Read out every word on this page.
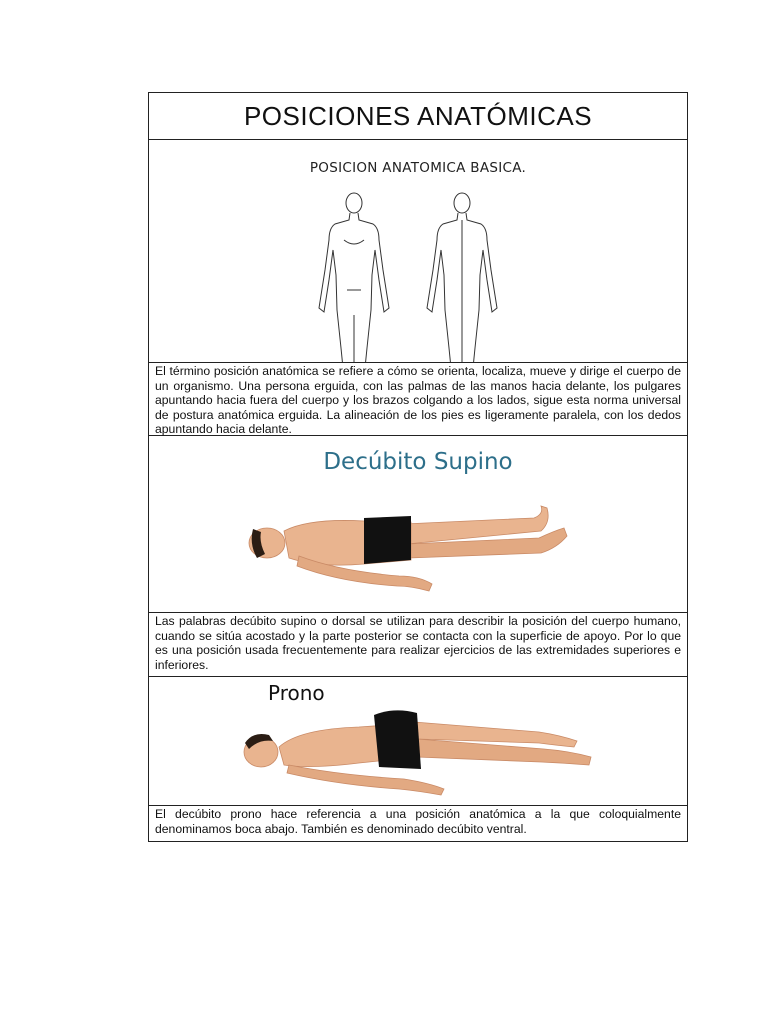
POSICIONES ANATÓMICAS
POSICION ANATOMICA BASICA.
El término posición anatómica se refiere a cómo se orienta, localiza, mueve y dirige el cuerpo de un organismo. Una persona erguida, con las palmas de las manos hacia delante, los pulgares apuntando hacia fuera del cuerpo y los brazos colgando a los lados, sigue esta norma universal de postura anatómica erguida. La alineación de los pies es ligeramente paralela, con los dedos apuntando hacia delante.
Decúbito Supino
Las palabras decúbito supino o dorsal se utilizan para describir la posición del cuerpo humano, cuando se sitúa acostado y la parte posterior se contacta con la superficie de apoyo. Por lo que es una posición usada frecuentemente para realizar ejercicios de las extremidades superiores e inferiores.
Prono
El decúbito prono hace referencia a una posición anatómica a la que coloquialmente denominamos boca abajo. También es denominado decúbito ventral.
